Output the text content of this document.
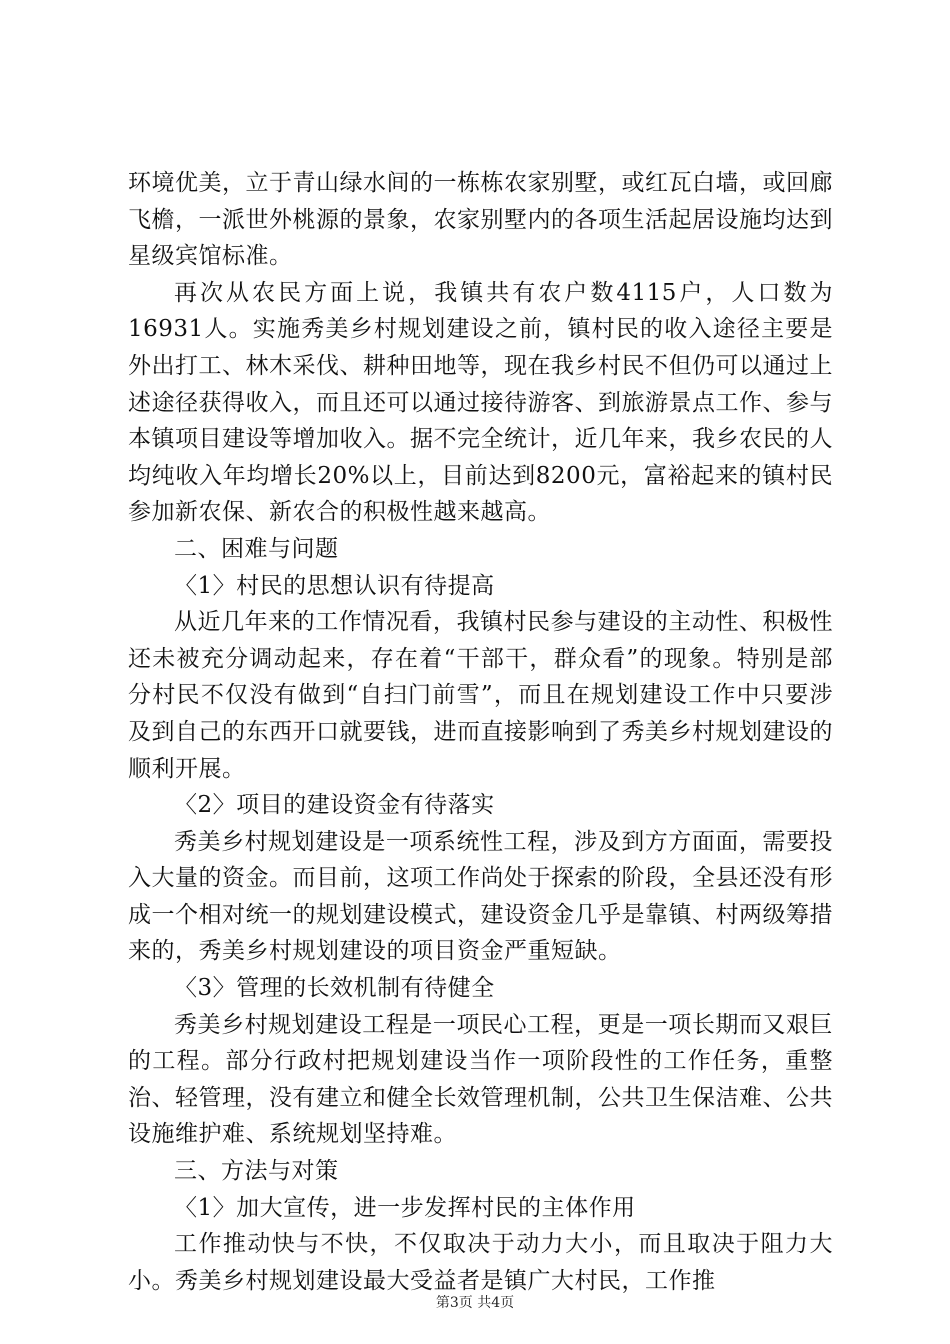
环境优美，立于青山绿水间的一栋栋农家别墅，或红瓦白墙，或回廊飞檐，一派世外桃源的景象，农家别墅内的各项生活起居设施均达到星级宾馆标准。

再次从农民方面上说，我镇共有农户数4115户，人口数为16931人。实施秀美乡村规划建设之前，镇村民的收入途径主要是外出打工、林木采伐、耕种田地等，现在我乡村民不但仍可以通过上述途径获得收入，而且还可以通过接待游客、到旅游景点工作、参与本镇项目建设等增加收入。据不完全统计，近几年来，我乡农民的人均纯收入年均增长20%以上，目前达到8200元，富裕起来的镇村民参加新农保、新农合的积极性越来越高。

二、困难与问题

〈1〉村民的思想认识有待提高

从近几年来的工作情况看，我镇村民参与建设的主动性、积极性还未被充分调动起来，存在着“干部干，群众看”的现象。特别是部分村民不仅没有做到“自扫门前雪”，而且在规划建设工作中只要涉及到自己的东西开口就要钱，进而直接影响到了秀美乡村规划建设的顺利开展。

〈2〉项目的建设资金有待落实

秀美乡村规划建设是一项系统性工程，涉及到方方面面，需要投入大量的资金。而目前，这项工作尚处于探索的阶段，全县还没有形成一个相对统一的规划建设模式，建设资金几乎是靠镇、村两级筹措来的，秀美乡村规划建设的项目资金严重短缺。

〈3〉管理的长效机制有待健全

秀美乡村规划建设工程是一项民心工程，更是一项长期而又艰巨的工程。部分行政村把规划建设当作一项阶段性的工作任务，重整治、轻管理，没有建立和健全长效管理机制，公共卫生保洁难、公共设施维护难、系统规划坚持难。

三、方法与对策

〈1〉加大宣传，进一步发挥村民的主体作用

工作推动快与不快，不仅取决于动力大小，而且取决于阻力大小。秀美乡村规划建设最大受益者是镇广大村民，工作推

第3页 共4页
